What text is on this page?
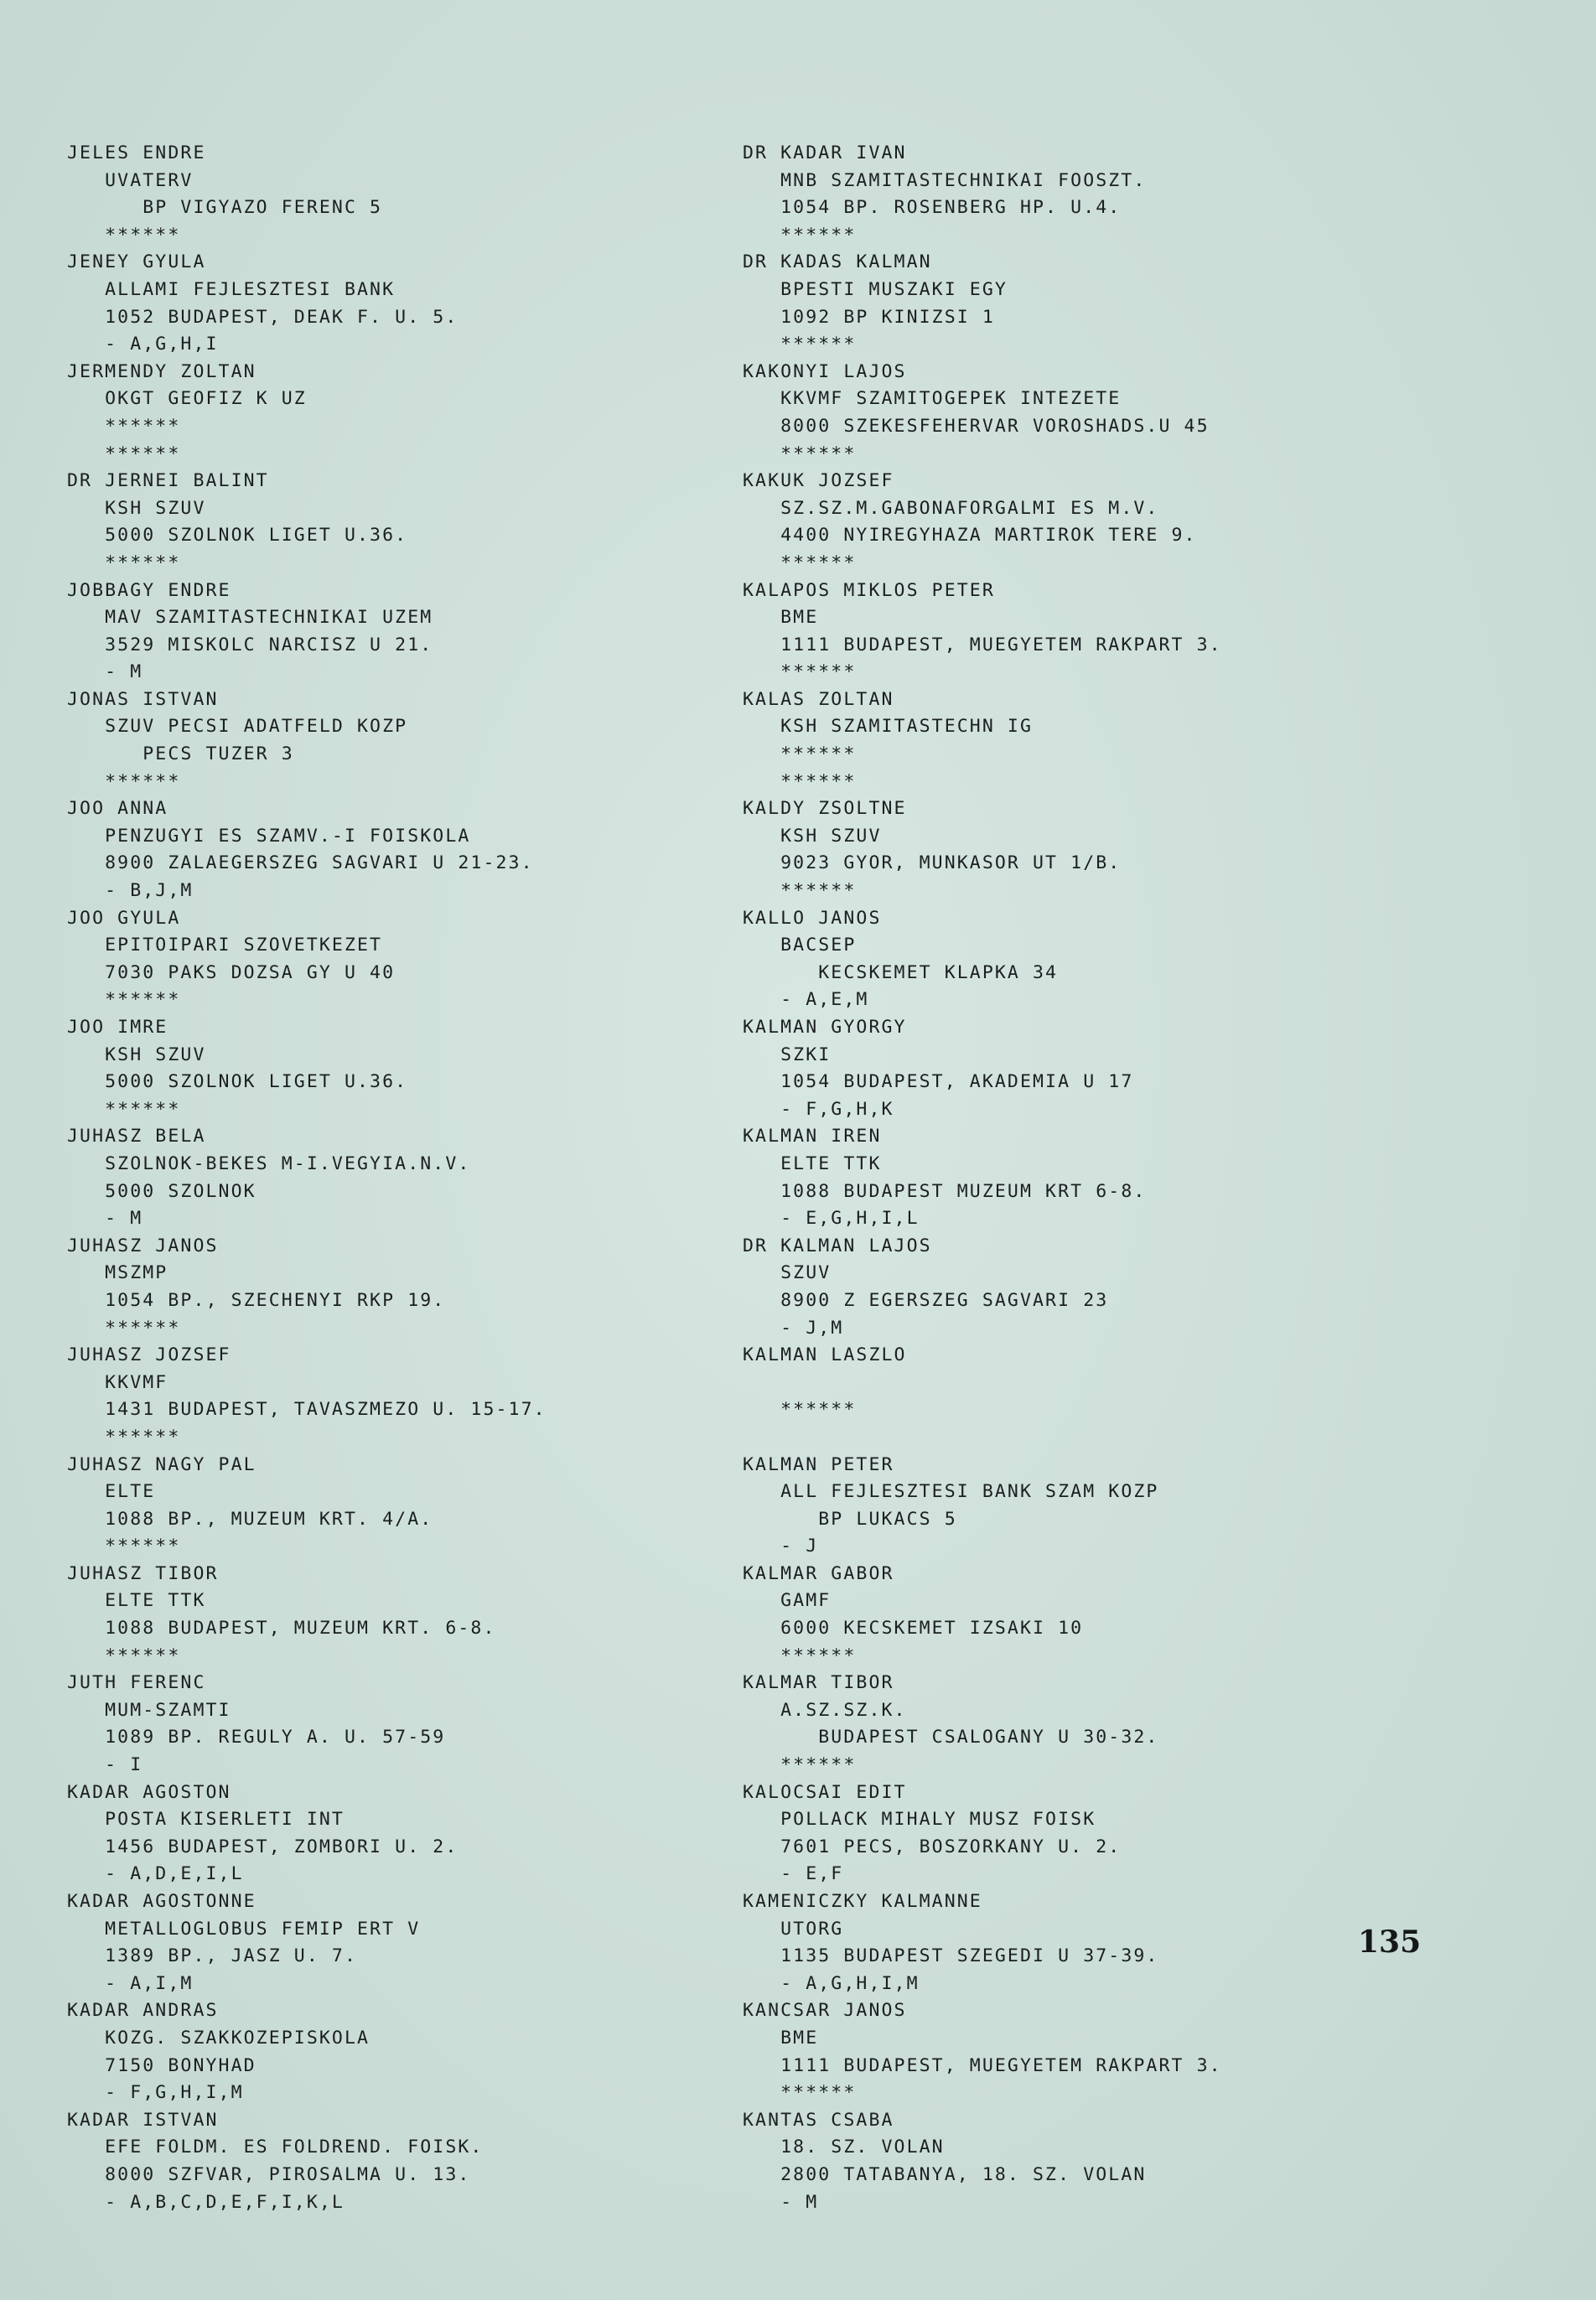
JELES ENDRE
UVATERV
BP VIGYAZO FERENC 5
******
JENEY GYULA
ALLAMI FEJLESZTESI BANK
1052 BUDAPEST, DEAK F. U. 5.
- A,G,H,I
JERMENDY ZOLTAN
OKGT GEOFIZ K UZ
******
******
DR JERNEI BALINT
KSH SZUV
5000 SZOLNOK LIGET U.36.
******
JOBBAGY ENDRE
MAV SZAMITASTECHNIKAI UZEM
3529 MISKOLC NARCISZ U 21.
- M
JONAS ISTVAN
SZUV PECSI ADATFELD KOZP
PECS TUZER 3
******
JOO ANNA
PENZUGYI ES SZAMV.-I FOISKOLA
8900 ZALAEGERSZEG SAGVARI U 21-23.
- B,J,M
JOO GYULA
EPITOIPARI SZOVETKEZET
7030 PAKS DOZSA GY U 40
******
JOO IMRE
KSH SZUV
5000 SZOLNOK LIGET U.36.
******
JUHASZ BELA
SZOLNOK-BEKES M-I.VEGYIA.N.V.
5000 SZOLNOK
- M
JUHASZ JANOS
MSZMP
1054 BP., SZECHENYI RKP 19.
******
JUHASZ JOZSEF
KKVMF
1431 BUDAPEST, TAVASZMEZO U. 15-17.
******
JUHASZ NAGY PAL
ELTE
1088 BP., MUZEUM KRT. 4/A.
******
JUHASZ TIBOR
ELTE TTK
1088 BUDAPEST, MUZEUM KRT. 6-8.
******
JUTH FERENC
MUM-SZAMTI
1089 BP. REGULY A. U. 57-59
- I
KADAR AGOSTON
POSTA KISERLETI INT
1456 BUDAPEST, ZOMBORI U. 2.
- A,D,E,I,L
KADAR AGOSTONNE
METALLOGLOBUS FEMIP ERT V
1389 BP., JASZ U. 7.
- A,I,M
KADAR ANDRAS
KOZG. SZAKKOZEPISKOLA
7150 BONYHAD
- F,G,H,I,M
KADAR ISTVAN
EFE FOLDM. ES FOLDREND. FOISK.
8000 SZFVAR, PIROSALMA U. 13.
- A,B,C,D,E,F,I,K,L
DR KADAR IVAN
MNB SZAMITASTECHNIKAI FOOSZT.
1054 BP. ROSENBERG HP. U.4.
******
DR KADAS KALMAN
BPESTI MUSZAKI EGY
1092 BP KINIZSI 1
******
KAKONYI LAJOS
KKVMF SZAMITOGEPEK INTEZETE
8000 SZEKESFEHERVAR VOROSHADS.U 45
******
KAKUK JOZSEF
SZ.SZ.M.GABONAFORGALMI ES M.V.
4400 NYIREGYHAZA MARTIROK TERE 9.
******
KALAPOS MIKLOS PETER
BME
1111 BUDAPEST, MUEGYETEM RAKPART 3.
******
KALAS ZOLTAN
KSH SZAMITASTECHN IG
******
******
KALDY ZSOLTNE
KSH SZUV
9023 GYOR, MUNKASOR UT 1/B.
******
KALLO JANOS
BACSEP
KECSKEMET KLAPKA 34
- A,E,M
KALMAN GYORGY
SZKI
1054 BUDAPEST, AKADEMIA U 17
- F,G,H,K
KALMAN IREN
ELTE TTK
1088 BUDAPEST MUZEUM KRT 6-8.
- E,G,H,I,L
DR KALMAN LAJOS
SZUV
8900 Z EGERSZEG SAGVARI 23
- J,M
KALMAN LASZLO
******
KALMAN PETER
ALL FEJLESZTESI BANK SZAM KOZP
BP LUKACS 5
- J
KALMAR GABOR
GAMF
6000 KECSKEMET IZSAKI 10
******
KALMAR TIBOR
A.SZ.SZ.K.
BUDAPEST CSALOGANY U 30-32.
******
KALOCSAI EDIT
POLLACK MIHALY MUSZ FOISK
7601 PECS, BOSZORKANY U. 2.
- E,F
KAMENICZKY KALMANNE
UTORG
1135 BUDAPEST SZEGEDI U 37-39.
- A,G,H,I,M
KANCSAR JANOS
BME
1111 BUDAPEST, MUEGYETEM RAKPART 3.
******
KANTAS CSABA
18. SZ. VOLAN
2800 TATABANYA, 18. SZ. VOLAN
- M
135
